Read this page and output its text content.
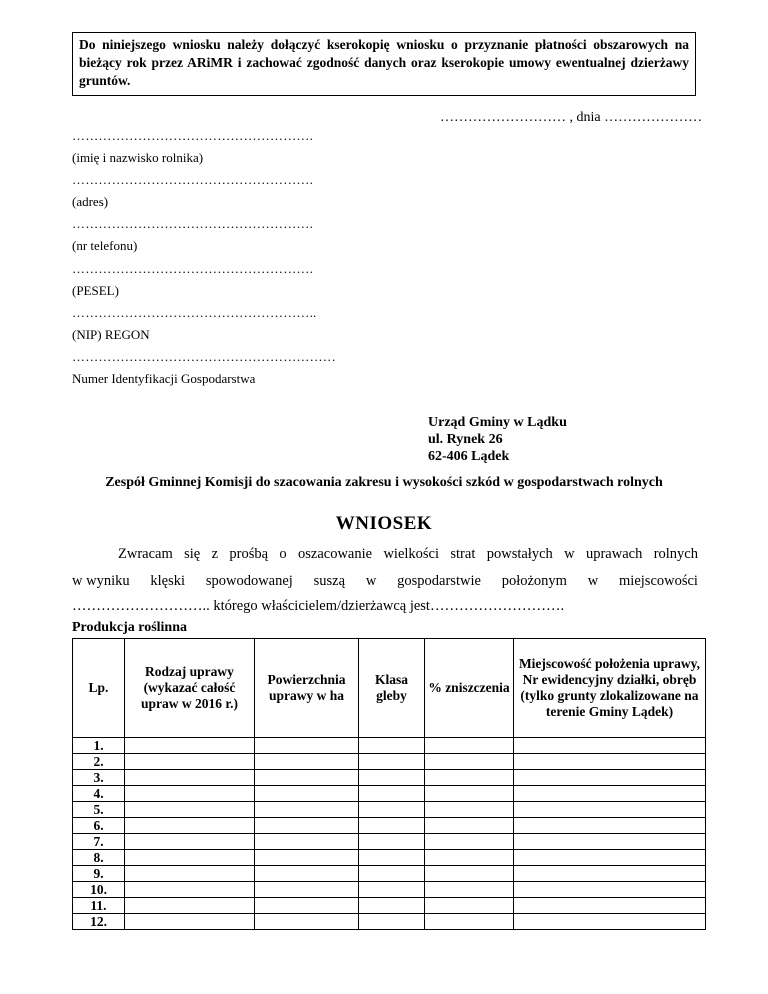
Do niniejszego wniosku należy dołączyć kserokopię wniosku o przyznanie płatności obszarowych na bieżący rok przez ARiMR i zachować zgodność danych oraz kserokopie umowy ewentualnej dzierżawy gruntów.
……………………… , dnia …………………
……………………………………………….
(imię i nazwisko rolnika)
……………………………………………….
(adres)
……………………………………………….
(nr telefonu)
……………………………………………….
(PESEL)
………………………………………………..
(NIP) REGON
……………………………………………………
Numer Identyfikacji Gospodarstwa
Urząd Gminy w Lądku
ul. Rynek 26
62-406 Lądek
Zespół Gminnej Komisji do szacowania zakresu i wysokości szkód w gospodarstwach rolnych
WNIOSEK
Zwracam się z prośbą o oszacowanie wielkości strat powstałych w uprawach rolnych
w wyniku klęski spowodowanej suszą w gospodarstwie położonym w miejscowości
……………………….. którego właścicielem/dzierżawcą jest……………………….
Produkcja roślinna
Lp.	Rodzaj uprawy (wykazać całość upraw w 2016 r.)	Powierzchnia uprawy w ha	Klasa gleby	% zniszczenia	Miejscowość położenia uprawy, Nr ewidencyjny działki, obręb (tylko grunty zlokalizowane na terenie Gminy Lądek)
1.					
2.					
3.					
4.					
5.					
6.					
7.					
8.					
9.					
10.					
11.					
12.					
